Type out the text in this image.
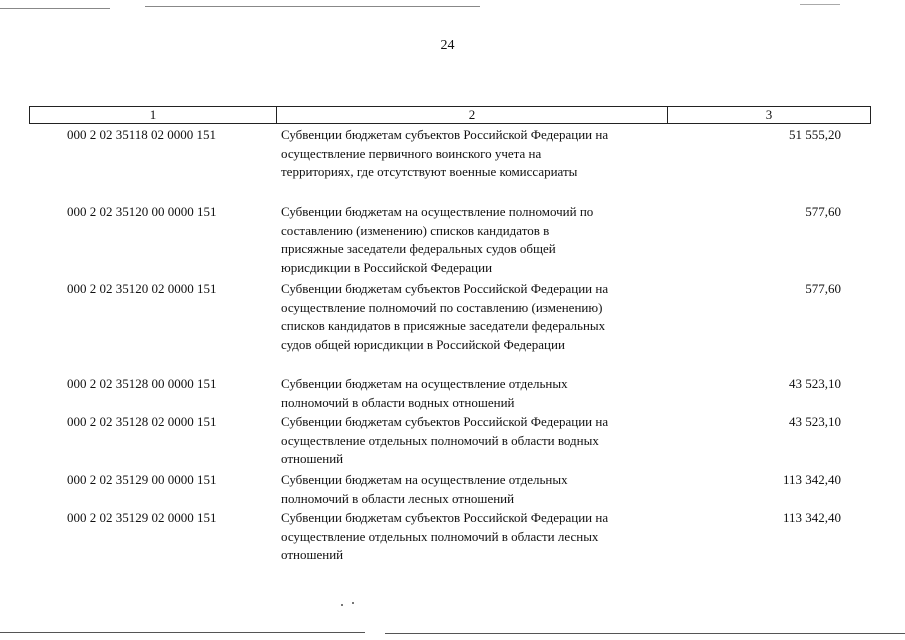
24
1	2	3
000 2 02 35118 02 0000 151	Субвенции бюджетам субъектов Российской Федерации на
осуществление первичного воинского учета на
территориях, где отсутствуют военные комиссариаты
51 555,20
000 2 02 35120 00 0000 151	Субвенции бюджетам на осуществление полномочий по
составлению (изменению) списков кандидатов в
присяжные заседатели федеральных судов общей
юрисдикции в Российской Федерации
577,60
000 2 02 35120 02 0000 151	Субвенции бюджетам субъектов Российской Федерации на
осуществление полномочий по составлению (изменению)
списков кандидатов в присяжные заседатели федеральных
судов общей юрисдикции в Российской Федерации
577,60
000 2 02 35128 00 0000 151	Субвенции бюджетам на осуществление отдельных
полномочий в области водных отношений
43 523,10
000 2 02 35128 02 0000 151	Субвенции бюджетам субъектов Российской Федерации на
осуществление отдельных полномочий в области водных
отношений
43 523,10
000 2 02 35129 00 0000 151	Субвенции бюджетам на осуществление отдельных
полномочий в области лесных отношений
113 342,40
000 2 02 35129 02 0000 151	Субвенции бюджетам субъектов Российской Федерации на
осуществление отдельных полномочий в области лесных
отношений
113 342,40
